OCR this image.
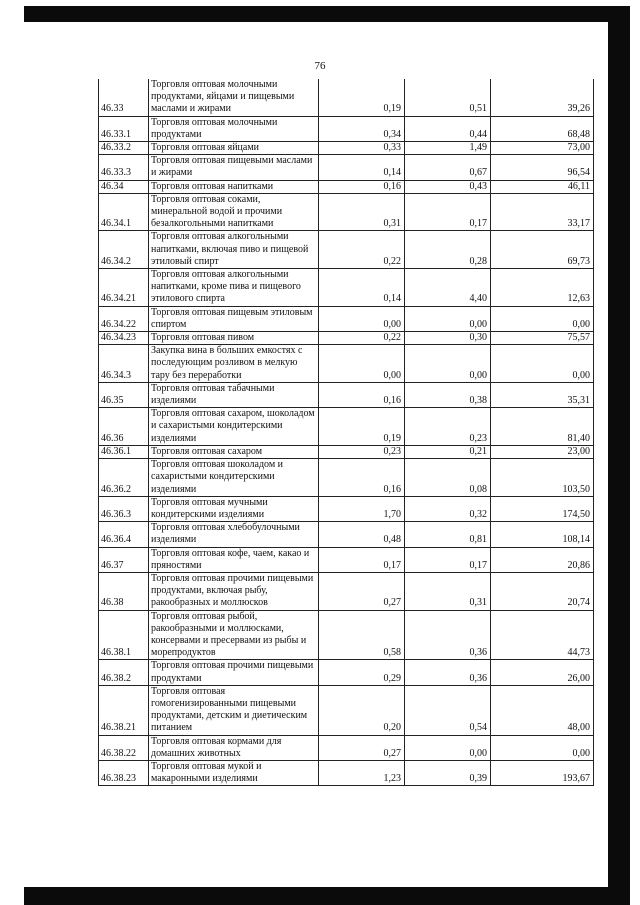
76
46.33	Торговля оптовая молочными продуктами, яйцами и пищевыми маслами и жирами	0,19	0,51	39,26
46.33.1	Торговля оптовая молочными продуктами	0,34	0,44	68,48
46.33.2	Торговля оптовая яйцами	0,33	1,49	73,00
46.33.3	Торговля оптовая пищевыми маслами и жирами	0,14	0,67	96,54
46.34	Торговля оптовая напитками	0,16	0,43	46,11
46.34.1	Торговля оптовая соками, минеральной водой и прочими безалкогольными напитками	0,31	0,17	33,17
46.34.2	Торговля оптовая алкогольными напитками, включая пиво и пищевой этиловый спирт	0,22	0,28	69,73
46.34.21	Торговля оптовая алкогольными напитками, кроме пива и пищевого этилового спирта	0,14	4,40	12,63
46.34.22	Торговля оптовая пищевым этиловым спиртом	0,00	0,00	0,00
46.34.23	Торговля оптовая пивом	0,22	0,30	75,57
46.34.3	Закупка вина в больших емкостях с последующим розливом в мелкую тару без переработки	0,00	0,00	0,00
46.35	Торговля оптовая табачными изделиями	0,16	0,38	35,31
46.36	Торговля оптовая сахаром, шоколадом и сахаристыми кондитерскими изделиями	0,19	0,23	81,40
46.36.1	Торговля оптовая сахаром	0,23	0,21	23,00
46.36.2	Торговля оптовая шоколадом и сахаристыми кондитерскими изделиями	0,16	0,08	103,50
46.36.3	Торговля оптовая мучными кондитерскими изделиями	1,70	0,32	174,50
46.36.4	Торговля оптовая хлебобулочными изделиями	0,48	0,81	108,14
46.37	Торговля оптовая кофе, чаем, какао и пряностями	0,17	0,17	20,86
46.38	Торговля оптовая прочими пищевыми продуктами, включая рыбу, ракообразных и моллюсков	0,27	0,31	20,74
46.38.1	Торговля оптовая рыбой, ракообразными и моллюсками, консервами и пресервами из рыбы и морепродуктов	0,58	0,36	44,73
46.38.2	Торговля оптовая прочими пищевыми продуктами	0,29	0,36	26,00
46.38.21	Торговля оптовая гомогенизированными пищевыми продуктами, детским и диетическим питанием	0,20	0,54	48,00
46.38.22	Торговля оптовая кормами для домашних животных	0,27	0,00	0,00
46.38.23	Торговля оптовая мукой и макаронными изделиями	1,23	0,39	193,67
